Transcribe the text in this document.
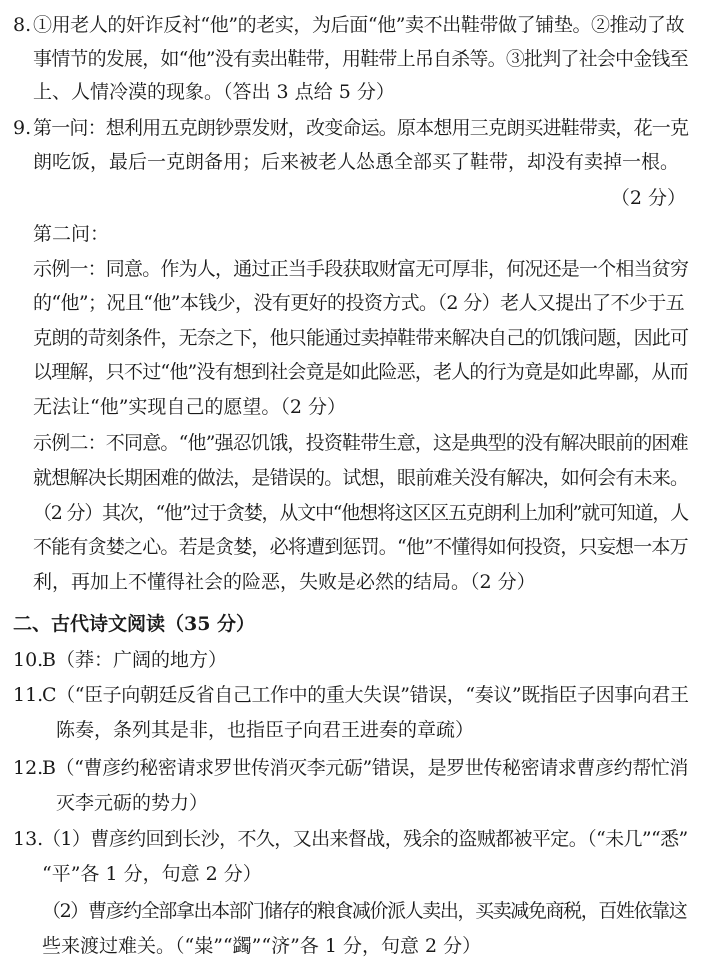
8. ①用老人的奸诈反衬“他”的老实，为后面“他”卖不出鞋带做了铺垫。②推动了故
事情节的发展，如“他”没有卖出鞋带，用鞋带上吊自杀等。③批判了社会中金钱至
上、人情冷漠的现象。（答出 3 点给 5 分）
9. 第一问：想利用五克朗钞票发财，改变命运。原本想用三克朗买进鞋带卖，花一克
朗吃饭，最后一克朗备用；后来被老人怂恿全部买了鞋带，却没有卖掉一根。
（2 分）
第二问：
示例一：同意。作为人，通过正当手段获取财富无可厚非，何况还是一个相当贫穷
的“他”；况且“他”本钱少，没有更好的投资方式。（2 分）老人又提出了不少于五
克朗的苛刻条件，无奈之下，他只能通过卖掉鞋带来解决自己的饥饿问题，因此可
以理解，只不过“他”没有想到社会竟是如此险恶，老人的行为竟是如此卑鄙，从而
无法让“他”实现自己的愿望。（2 分）
示例二：不同意。“他”强忍饥饿，投资鞋带生意，这是典型的没有解决眼前的困难
就想解决长期困难的做法，是错误的。试想，眼前难关没有解决，如何会有未来。
（2 分）其次，“他”过于贪婪，从文中“他想将这区区五克朗利上加利”就可知道，人
不能有贪婪之心。若是贪婪，必将遭到惩罚。“他”不懂得如何投资，只妄想一本万
利，再加上不懂得社会的险恶，失败是必然的结局。（2 分）
二、古代诗文阅读（35 分）
10.
B（莽：广阔的地方）
11.
C（“臣子向朝廷反省自己工作中的重大失误”错误，“奏议”既指臣子因事向君王
陈奏，条列其是非，也指臣子向君王进奏的章疏）
12.
B（“曹彦约秘密请求罗世传消灭李元砺”错误，是罗世传秘密请求曹彦约帮忙消
灭李元砺的势力）
13.
（1）曹彦约回到长沙，不久，又出来督战，残余的盗贼都被平定。（“未几”“悉”
“平”各 1 分，句意 2 分）
（2）曹彦约全部拿出本部门储存的粮食减价派人卖出，买卖减免商税，百姓依靠这
些来渡过难关。（“粜”“蠲”“济”各 1 分，句意 2 分）
